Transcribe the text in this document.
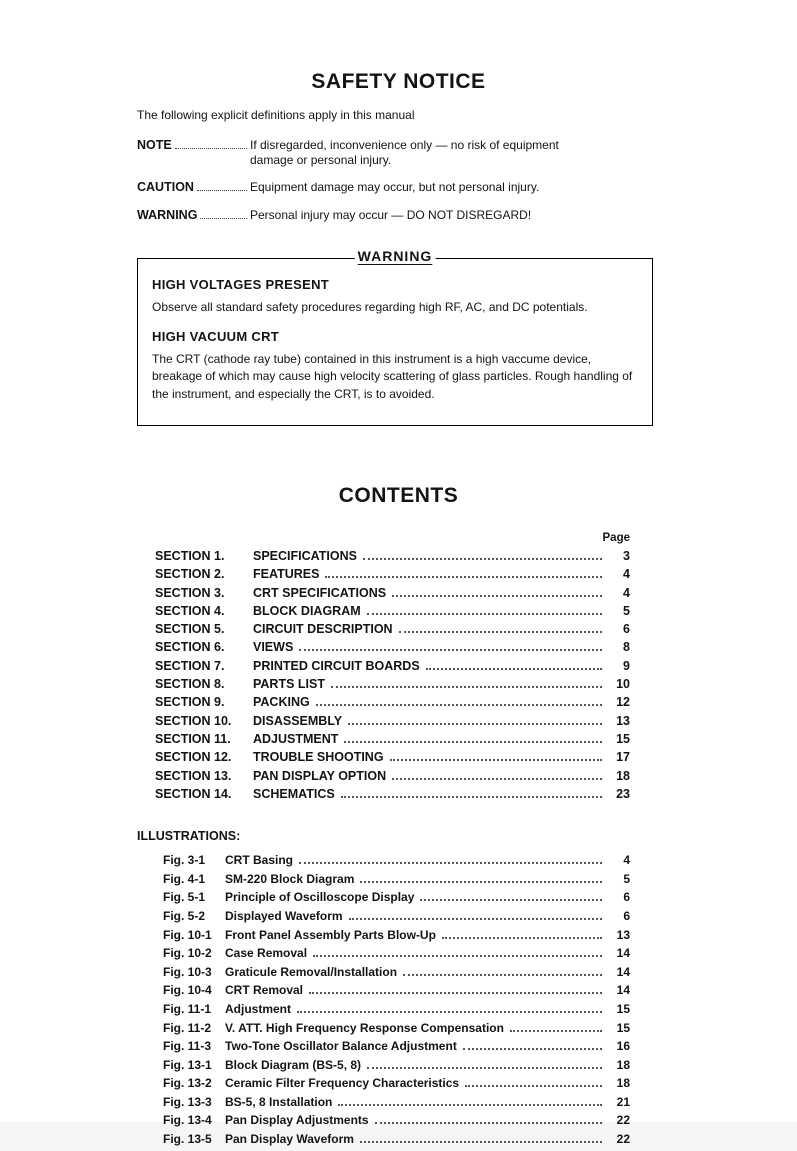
SAFETY NOTICE

The following explicit definitions apply in this manual

NOTE	If disregarded, inconvenience only — no risk of equipment damage or personal injury.
CAUTION	Equipment damage may occur, but not personal injury.
WARNING	Personal injury may occur — DO NOT DISREGARD!
WARNING
HIGH VOLTAGES PRESENT

Observe all standard safety procedures regarding high RF, AC, and DC potentials.

HIGH VACUUM CRT

The CRT (cathode ray tube) contained in this instrument is a high vaccume device, breakage of which may cause high velocity scattering of glass particles. Rough handling of the instrument, and especially the CRT, is to avoided.

CONTENTS
Page
SECTION 1.	SPECIFICATIONS	3
SECTION 2.	FEATURES	4
SECTION 3.	CRT SPECIFICATIONS	4
SECTION 4.	BLOCK DIAGRAM	5
SECTION 5.	CIRCUIT DESCRIPTION	6
SECTION 6.	VIEWS	8
SECTION 7.	PRINTED CIRCUIT BOARDS	9
SECTION 8.	PARTS LIST	10
SECTION 9.	PACKING	12
SECTION 10.	DISASSEMBLY	13
SECTION 11.	ADJUSTMENT	15
SECTION 12.	TROUBLE SHOOTING	17
SECTION 13.	PAN DISPLAY OPTION	18
SECTION 14.	SCHEMATICS	23
ILLUSTRATIONS:
Fig. 3-1	CRT Basing	4
Fig. 4-1	SM-220 Block Diagram	5
Fig. 5-1	Principle of Oscilloscope Display	6
Fig. 5-2	Displayed Waveform	6
Fig. 10-1	Front Panel Assembly Parts Blow-Up	13
Fig. 10-2	Case Removal	14
Fig. 10-3	Graticule Removal/Installation	14
Fig. 10-4	CRT Removal	14
Fig. 11-1	Adjustment	15
Fig. 11-2	V. ATT. High Frequency Response Compensation	15
Fig. 11-3	Two-Tone Oscillator Balance Adjustment	16
Fig. 13-1	Block Diagram (BS-5, 8)	18
Fig. 13-2	Ceramic Filter Frequency Characteristics	18
Fig. 13-3	BS-5, 8 Installation	21
Fig. 13-4	Pan Display Adjustments	22
Fig. 13-5	Pan Display Waveform	22
